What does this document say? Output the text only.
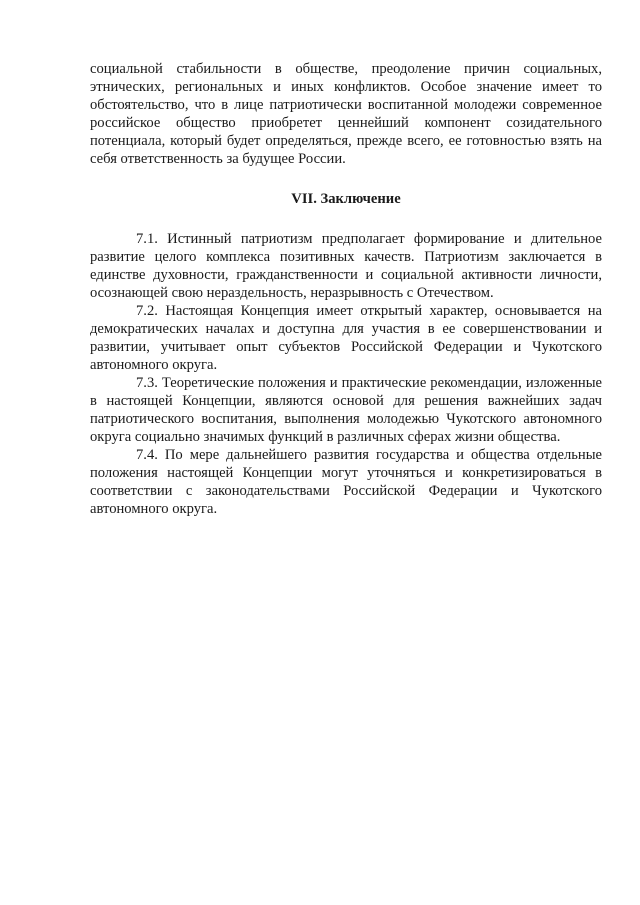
социальной стабильности в обществе, преодоление причин социальных, этнических, региональных и иных конфликтов. Особое значение имеет то обстоятельство, что в лице патриотически воспитанной молодежи современное российское общество приобретет ценнейший компонент созидательного потенциала, который будет определяться, прежде всего, ее готовностью взять на себя ответственность за будущее России.

VII. Заключение

7.1. Истинный патриотизм предполагает формирование и длительное развитие целого комплекса позитивных качеств. Патриотизм заключается в единстве духовности, гражданственности и социальной активности личности, осознающей свою нераздельность, неразрывность с Отечеством.

7.2. Настоящая Концепция имеет открытый характер, основывается на демократических началах и доступна для участия в ее совершенствовании и развитии, учитывает опыт субъектов Российской Федерации и Чукотского автономного округа.

7.3. Теоретические положения и практические рекомендации, изложенные в настоящей Концепции, являются основой для решения важнейших задач патриотического воспитания, выполнения молодежью Чукотского автономного округа социально значимых функций в различных сферах жизни общества.

7.4. По мере дальнейшего развития государства и общества отдельные положения настоящей Концепции могут уточняться и конкретизироваться в соответствии с законодательствами Российской Федерации и Чукотского автономного округа.
